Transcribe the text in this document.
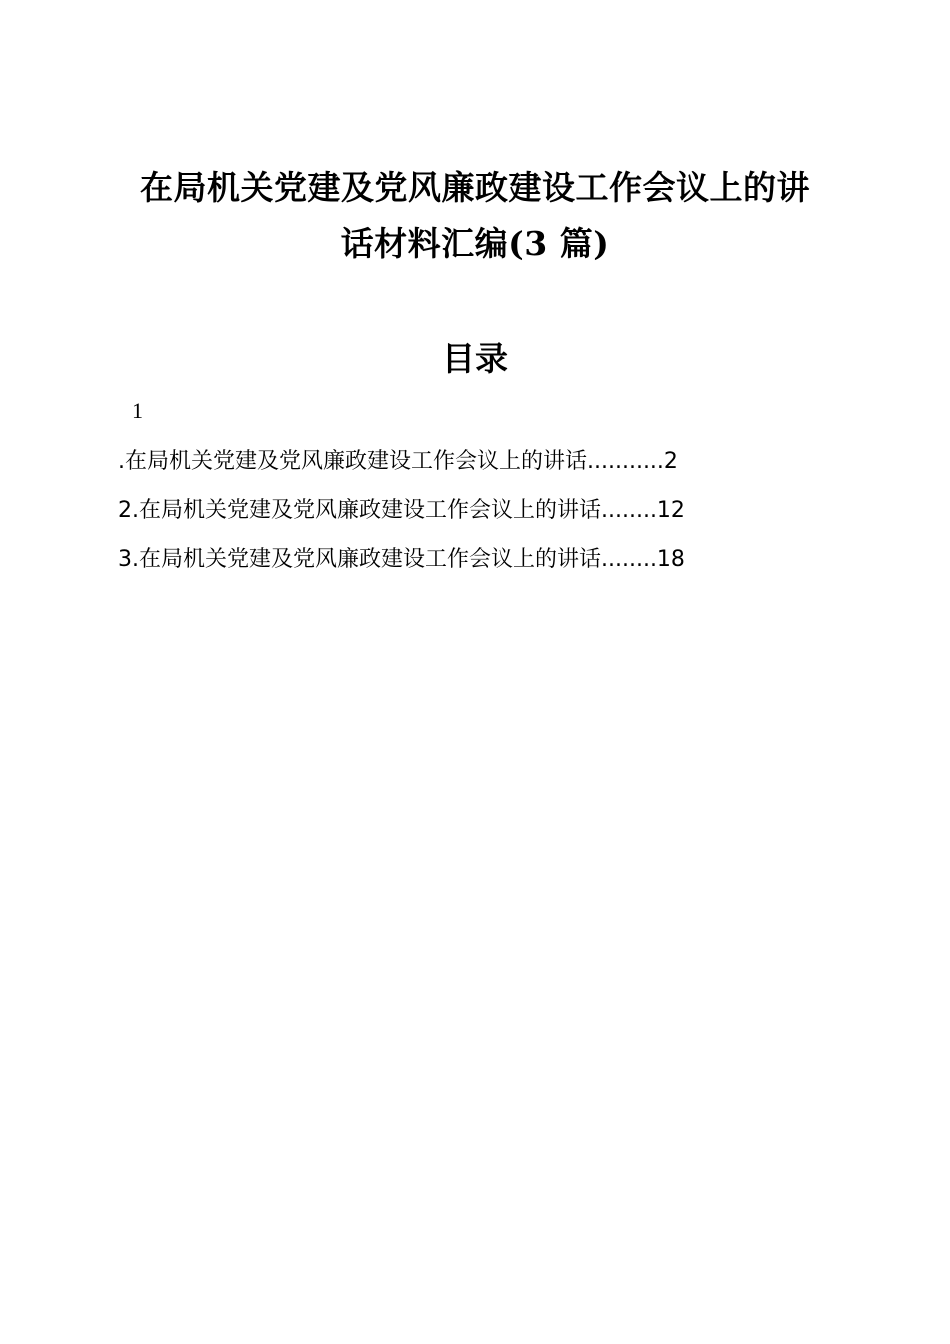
在局机关党建及党风廉政建设工作会议上的讲
话材料汇编(3 篇)
目录
1
.在局机关党建及党风廉政建设工作会议上的讲话...........2
2.在局机关党建及党风廉政建设工作会议上的讲话........12
3.在局机关党建及党风廉政建设工作会议上的讲话........18
